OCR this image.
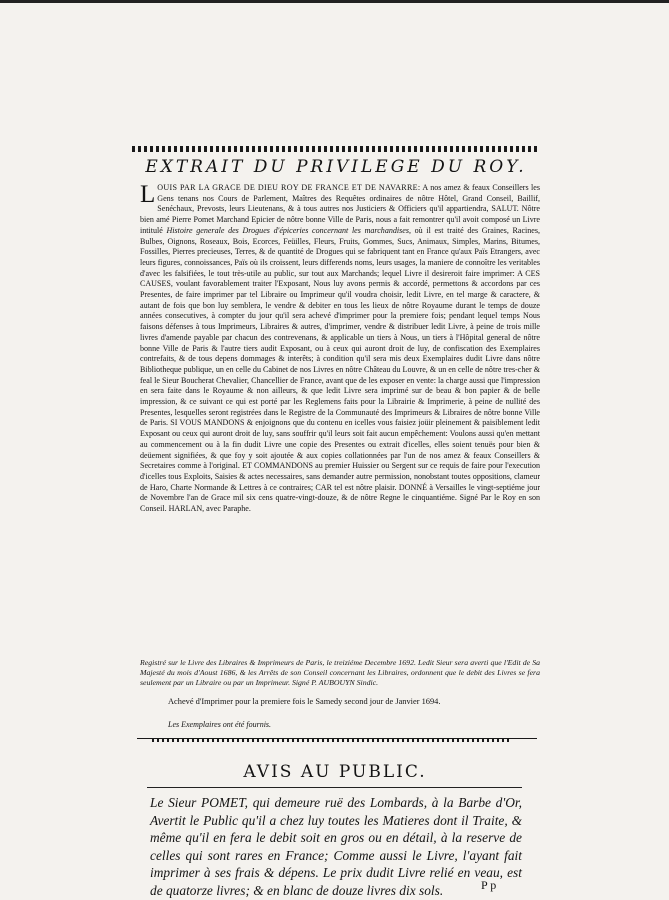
EXTRAIT DU PRIVILEGE DU ROY.
LOUIS PAR LA GRACE DE DIEU ROY DE FRANCE ET DE NAVARRE: A nos amez & feaux Conseillers les Gens tenans nos Cours de Parlement, Maîtres des Requêtes ordinaires de nôtre Hôtel, Grand Conseil, Baillif, Senéchaux, Prevosts, leurs Lieutenans, & à tous autres nos Justiciers & Officiers qu'il appartiendra, SALUT. Nôtre bien amé Pierre Pomet Marchand Epicier de nôtre bonne Ville de Paris, nous a fait remontrer qu'il avoit composé un Livre intitulé Histoire generale des Drogues d'épiceries concernant les marchandises, où il est traité des Graines, Racines, Bulbes, Oignons, Roseaux, Bois, Ecorces, Feüilles, Fleurs, Fruits, Gommes, Sucs, Animaux, Simples, Marins, Bitumes, Fossilles, Pierres precieuses, Terres, & de quantité de Drogues qui se fabriquent tant en France qu'aux Païs Etrangers, avec leurs figures, connoissances, Païs où ils croissent, leurs differends noms, leurs usages, la maniere de connoître les veritables d'avec les falsifiées, le tout très-utile au public, sur tout aux Marchands; lequel Livre il desireroit faire imprimer: A CES CAUSES, voulant favorablement traiter l'Exposant, Nous luy avons permis & accordé, permettons & accordons par ces Presentes, de faire imprimer par tel Libraire ou Imprimeur qu'il voudra choisir, ledit Livre, en tel marge & caractere, & autant de fois que bon luy semblera, le vendre & debiter en tous les lieux de nôtre Royaume durant le temps de douze années consecutives, à compter du jour qu'il sera achevé d'imprimer pour la premiere fois; pendant lequel temps Nous faisons défenses à tous Imprimeurs, Libraires & autres, d'imprimer, vendre & distribuer ledit Livre, à peine de trois mille livres d'amende payable par chacun des contrevenans, & applicable un tiers à Nous, un tiers à l'Hôpital general de nôtre bonne Ville de Paris & l'autre tiers audit Exposant, ou à ceux qui auront droit de luy, de confiscation des Exemplaires contrefaits, & de tous depens dommages & interêts; à condition qu'il sera mis deux Exemplaires dudit Livre dans nôtre Bibliotheque publique, un en celle du Cabinet de nos Livres en nôtre Château du Louvre, & un en celle de nôtre tres-cher & feal le Sieur Boucherat Chevalier, Chancellier de France, avant que de les exposer en vente: la charge aussi que l'impression en sera faite dans le Royaume & non ailleurs, & que ledit Livre sera imprimé sur de beau & bon papier & de belle impression, & ce suivant ce qui est porté par les Reglemens faits pour la Librairie & Imprimerie, à peine de nullité des Presentes, lesquelles seront registrées dans le Registre de la Communauté des Imprimeurs & Libraires de nôtre bonne Ville de Paris. SI VOUS MANDONS & enjoignons que du contenu en icelles vous faisiez joüir pleinement & paisiblement ledit Exposant ou ceux qui auront droit de luy, sans souffrir qu'il leurs soit fait aucun empêchement: Voulons aussi qu'en mettant au commencement ou à la fin dudit Livre une copie des Presentes ou extrait d'icelles, elles soient tenuës pour bien & deüement signifiées, & que foy y soit ajoutée & aux copies collationnées par l'un de nos amez & feaux Conseillers & Secretaires comme à l'original. ET COMMANDONS au premier Huissier ou Sergent sur ce requis de faire pour l'execution d'icelles tous Exploits, Saisies & actes necessaires, sans demander autre permission, nonobstant toutes oppositions, clameur de Haro, Charte Normande & Lettres à ce contraires; CAR tel est nôtre plaisir. DONNÉ à Versailles le vingt-septiéme jour de Novembre l'an de Grace mil six cens quatre-vingt-douze, & de nôtre Regne le cinquantiéme. Signé Par le Roy en son Conseil. HARLAN, avec Paraphe.
Registré sur le Livre des Libraires & Imprimeurs de Paris, le treiziéme Decembre 1692. Ledit Sieur sera averti que l'Edit de Sa Majesté du mois d'Aoust 1686, & les Arrêts de son Conseil concernant les Libraires, ordonnent que le debit des Livres se fera seulement par un Libraire ou par un Imprimeur. Signé P. AUBOUYN Sindic.
Achevé d'Imprimer pour la premiere fois le Samedy second jour de Janvier 1694.
Les Exemplaires ont été fournis.
AVIS AU PUBLIC.
Le Sieur POMET, qui demeure ruë des Lombards, à la Barbe d'Or, Avertit le Public qu'il a chez luy toutes les Matieres dont il Traite, & même qu'il en fera le debit soit en gros ou en détail, à la reserve de celles qui sont rares en France; Comme aussi le Livre, l'ayant fait imprimer à ses frais & dépens. Le prix dudit Livre relié en veau, est de quatorze livres; & en blanc de douze livres dix sols.	P p
